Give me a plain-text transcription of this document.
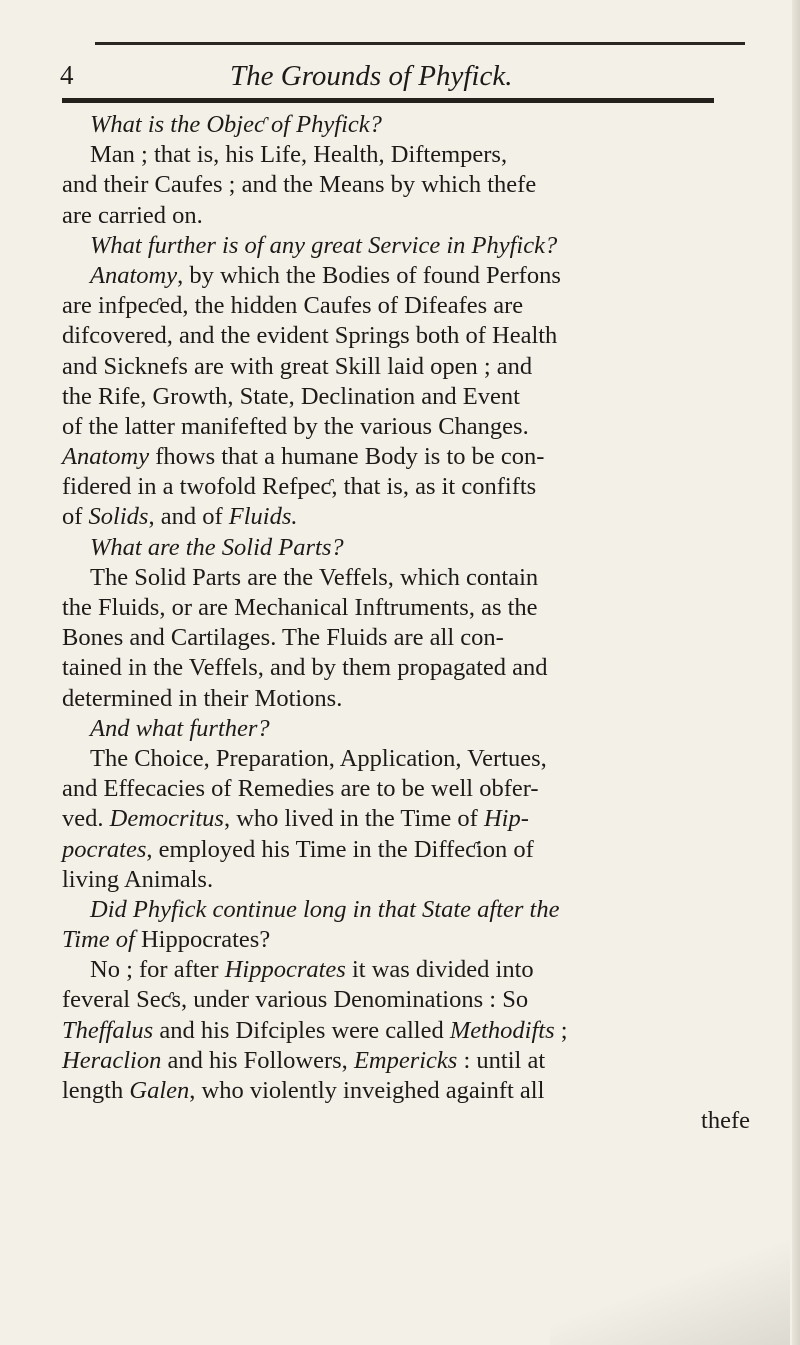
4	The Grounds of Phyfick.
What is the Objeƈ of Phyfick?
Man ; that is, his Life, Health, Diftempers,
and their Caufes ; and the Means by which thefe
are carried on.
What further is of any great Service in Phyfick?
Anatomy, by which the Bodies of found Perfons
are infpeƈed, the hidden Caufes of Difeafes are
difcovered, and the evident Springs both of Health
and Sicknefs are with great Skill laid open ; and
the Rife, Growth, State, Declination and Event
of the latter manifefted by the various Changes.
Anatomy fhows that a humane Body is to be con-
fidered in a twofold Refpeƈ, that is, as it confifts
of Solids, and of Fluids.
What are the Solid Parts?
The Solid Parts are the Veffels, which contain
the Fluids, or are Mechanical Inftruments, as the
Bones and Cartilages. The Fluids are all con-
tained in the Veffels, and by them propagated and
determined in their Motions.
And what further?
The Choice, Preparation, Application, Vertues,
and Effecacies of Remedies are to be well obfer-
ved. Democritus, who lived in the Time of Hip-
pocrates, employed his Time in the Diffeƈion of
living Animals.
Did Phyfick continue long in that State after the
Time of Hippocrates?
No ; for after Hippocrates it was divided into
feveral Seƈs, under various Denominations : So
Theffalus and his Difciples were called Methodifts ;
Heraclion and his Followers, Empericks : until at
length Galen, who violently inveighed againft all
thefe
